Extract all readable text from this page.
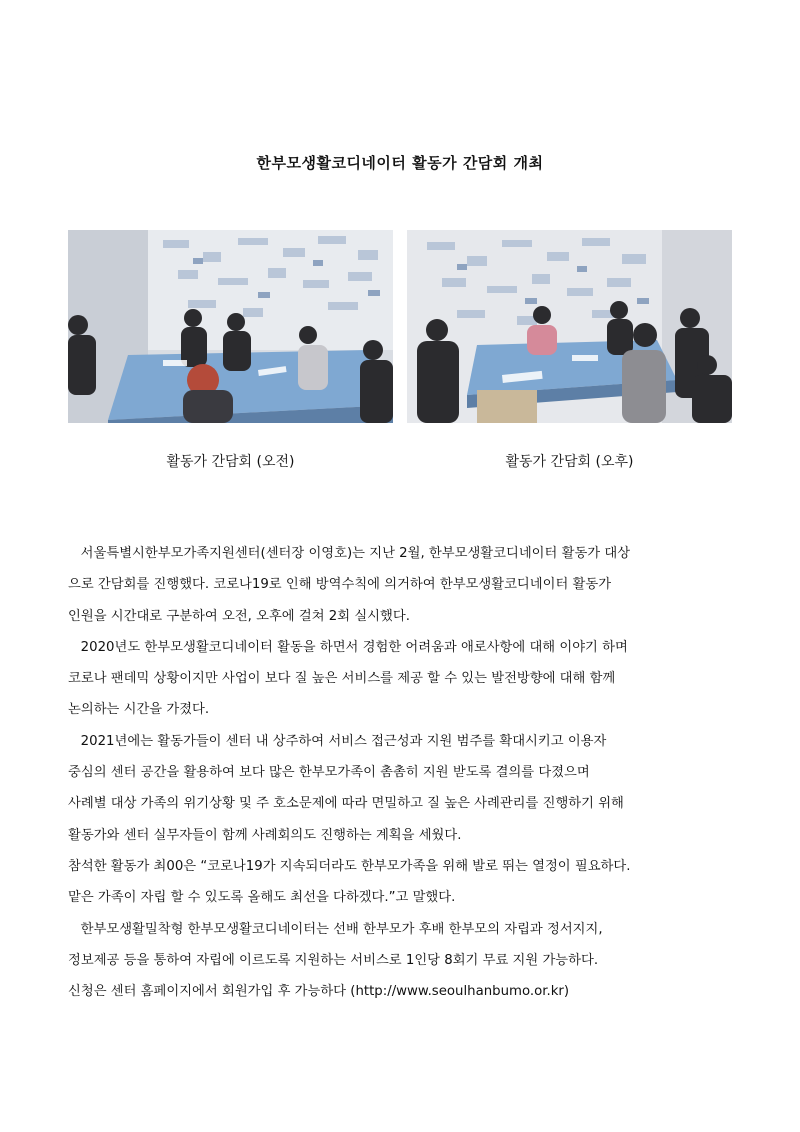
한부모생활코디네이터 활동가 간담회 개최
활동가 간담회 (오전)	활동가 간담회 (오후)

서울특별시한부모가족지원센터(센터장 이영호)는 지난 2월, 한부모생활코디네이터 활동가 대상

으로 간담회를 진행했다. 코로나19로 인해 방역수칙에 의거하여 한부모생활코디네이터 활동가

인원을 시간대로 구분하여 오전, 오후에 걸쳐 2회 실시했다.

2020년도 한부모생활코디네이터 활동을 하면서 경험한 어려움과 애로사항에 대해 이야기 하며

코로나 팬데믹 상황이지만 사업이 보다 질 높은 서비스를 제공 할 수 있는 발전방향에 대해 함께

논의하는 시간을 가졌다.

2021년에는 활동가들이 센터 내 상주하여 서비스 접근성과 지원 범주를 확대시키고 이용자

중심의 센터 공간을 활용하여 보다 많은 한부모가족이 촘촘히 지원 받도록 결의를 다졌으며

사례별 대상 가족의 위기상황 및 주 호소문제에 따라 면밀하고 질 높은 사례관리를 진행하기 위해

활동가와 센터 실무자들이 함께 사례회의도 진행하는 계획을 세웠다.

참석한 활동가 최00은 “코로나19가 지속되더라도 한부모가족을 위해 발로 뛰는 열정이 필요하다.

맡은 가족이 자립 할 수 있도록 올해도 최선을 다하겠다.”고 말했다.

한부모생활밀착형 한부모생활코디네이터는 선배 한부모가 후배 한부모의 자립과 정서지지,

정보제공 등을 통하여 자립에 이르도록 지원하는 서비스로 1인당 8회기 무료 지원 가능하다.

신청은 센터 홈페이지에서 회원가입 후 가능하다 (http://www.seoulhanbumo.or.kr)
